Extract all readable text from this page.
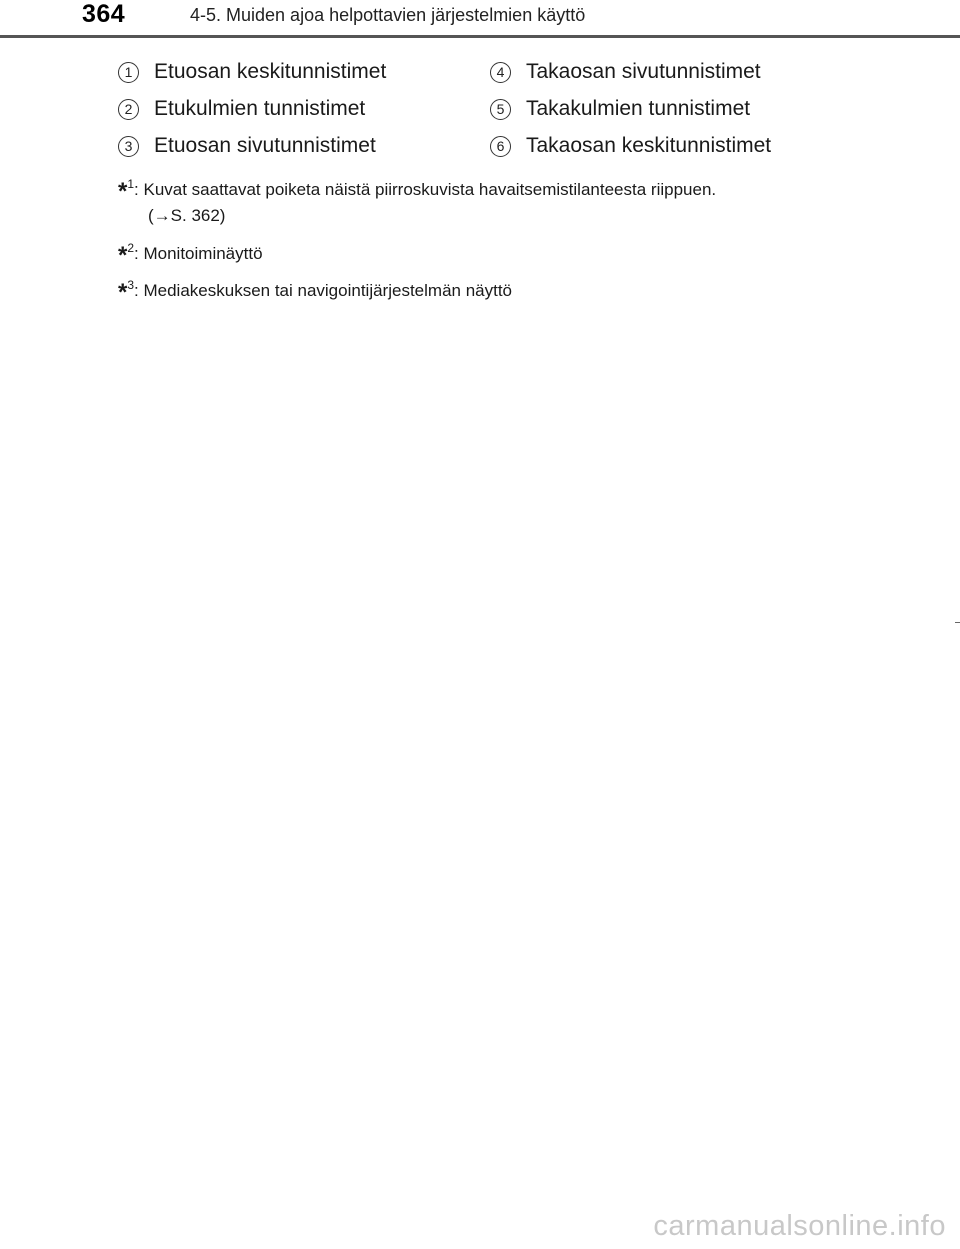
364	4-5. Muiden ajoa helpottavien järjestelmien käyttö
1	Etuosan keskitunnistimet
2	Etukulmien tunnistimet
3	Etuosan sivutunnistimet
4	Takaosan sivutunnistimet
5	Takakulmien tunnistimet
6	Takaosan keskitunnistimet
*$^1$: Kuvat saattavat poiketa näistä piirroskuvista havaitsemistilanteesta riippuen.
(→S. 362)
*$^2$: Monitoiminäyttö
*$^3$: Mediakeskuksen tai navigointijärjestelmän näyttö
carmanualsonline.info
